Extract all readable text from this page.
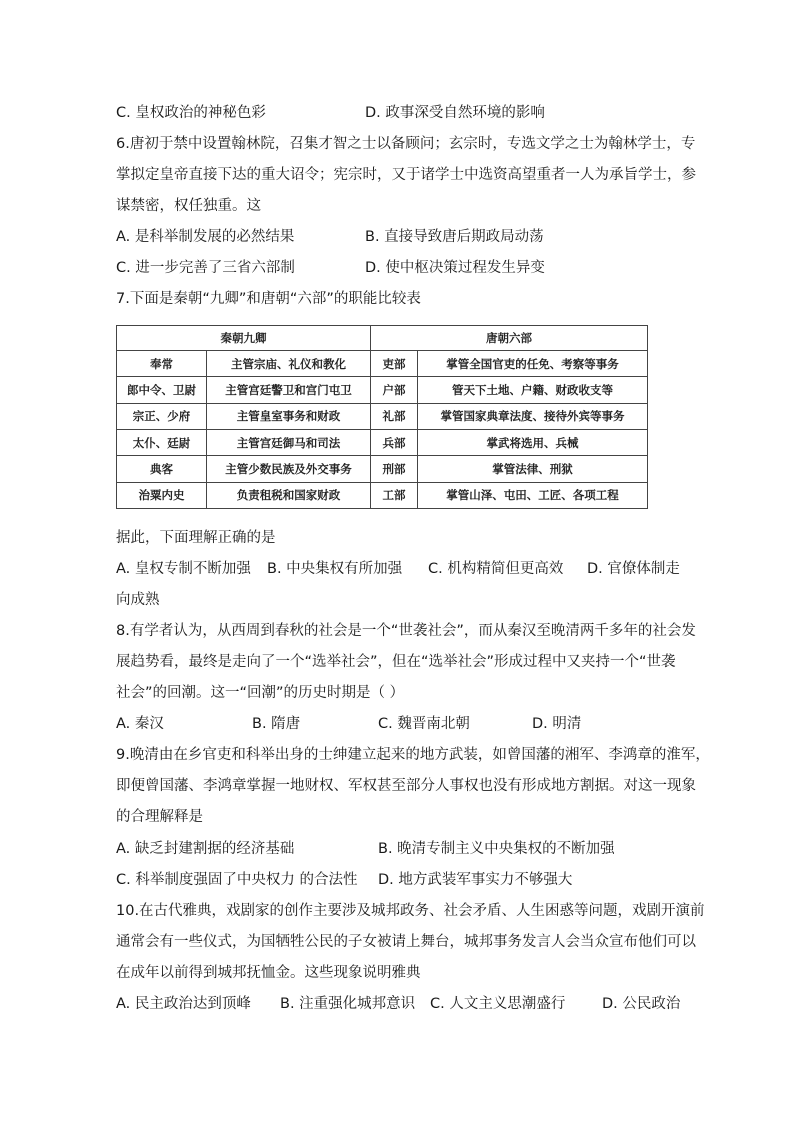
C. 皇权政治的神秘色彩	D. 政事深受自然环境的影响
6.唐初于禁中设置翰林院，召集才智之士以备顾问；玄宗时，专选文学之士为翰林学士，专
掌拟定皇帝直接下达的重大诏令；宪宗时，又于诸学士中选资高望重者一人为承旨学士，参
谋禁密，权任独重。这
A. 是科举制发展的必然结果	B. 直接导致唐后期政局动荡
C. 进一步完善了三省六部制	D. 使中枢决策过程发生异变
7.下面是秦朝“九卿”和唐朝“六部”的职能比较表
秦朝九卿		唐朝六部	
奉常	主管宗庙、礼仪和教化	吏部	掌管全国官吏的任免、考察等事务
郎中令、卫尉	主管宫廷警卫和宫门屯卫	户部	管天下土地、户籍、财政收支等
宗正、少府	主管皇室事务和财政	礼部	掌管国家典章法度、接待外宾等事务
太仆、廷尉	主管宫廷御马和司法	兵部	掌武将选用、兵械
典客	主管少数民族及外交事务	刑部	掌管法律、刑狱
治粟内史	负责租税和国家财政	工部	掌管山泽、屯田、工匠、各项工程
据此，下面理解正确的是
A. 皇权专制不断加强 B. 中央集权有所加强 C. 机构精简但更高效 D. 官僚体制走
向成熟
8.有学者认为，从西周到春秋的社会是一个“世袭社会”，而从秦汉至晚清两千多年的社会发
展趋势看，最终是走向了一个“选举社会”，但在“选举社会”形成过程中又夹持一个“世袭
社会”的回潮。这一“回潮”的历史时期是（ ）
A. 秦汉	B. 隋唐	C. 魏晋南北朝	D. 明清
9.晚清由在乡官吏和科举出身的士绅建立起来的地方武装，如曾国藩的湘军、李鸿章的淮军，
即便曾国藩、李鸿章掌握一地财权、军权甚至部分人事权也没有形成地方割据。对这一现象
的合理解释是
A. 缺乏封建割据的经济基础	B. 晚清专制主义中央集权的不断加强
C. 科举制度强固了中央权力 的合法性 D. 地方武装军事实力不够强大
10.在古代雅典，戏剧家的创作主要涉及城邦政务、社会矛盾、人生困惑等问题，戏剧开演前
通常会有一些仪式，为国牺牲公民的子女被请上舞台，城邦事务发言人会当众宣布他们可以
在成年以前得到城邦抚恤金。这些现象说明雅典
A. 民主政治达到顶峰 B. 注重强化城邦意识 C. 人文主义思潮盛行	D. 公民政治
